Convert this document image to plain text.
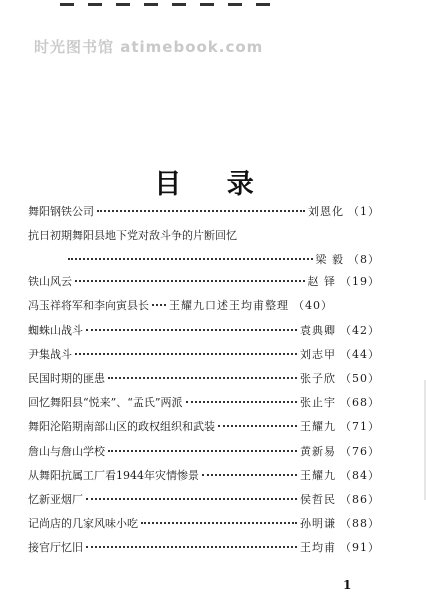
时光图书馆 atimebook.com
目 录
舞阳钢铁公司	刘恩化 （1）
抗日初期舞阳县地下党对敌斗争的片断回忆
梁 毅 （8）
铁山风云	赵 铎 （19）
冯玉祥将军和李向寅县长 王耀九口述王均甫整理 （40）
蜘蛛山战斗	袁典卿 （42）
尹集战斗	刘志甲 （44）
民国时期的匪患	张子欣 （50）
回忆舞阳县“悦来”、“孟氏”两派	张止宇 （68）
舞阳沦陷期南部山区的政权组织和武装	王耀九 （71）
詹山与詹山学校	黄新易 （76）
从舞阳抗属工厂看1944年灾情惨景	王耀九 （84）
忆新亚烟厂	侯哲民 （86）
记尚店的几家风味小吃	孙明谦 （88）
接官厅忆旧	王均甫 （91）
1
